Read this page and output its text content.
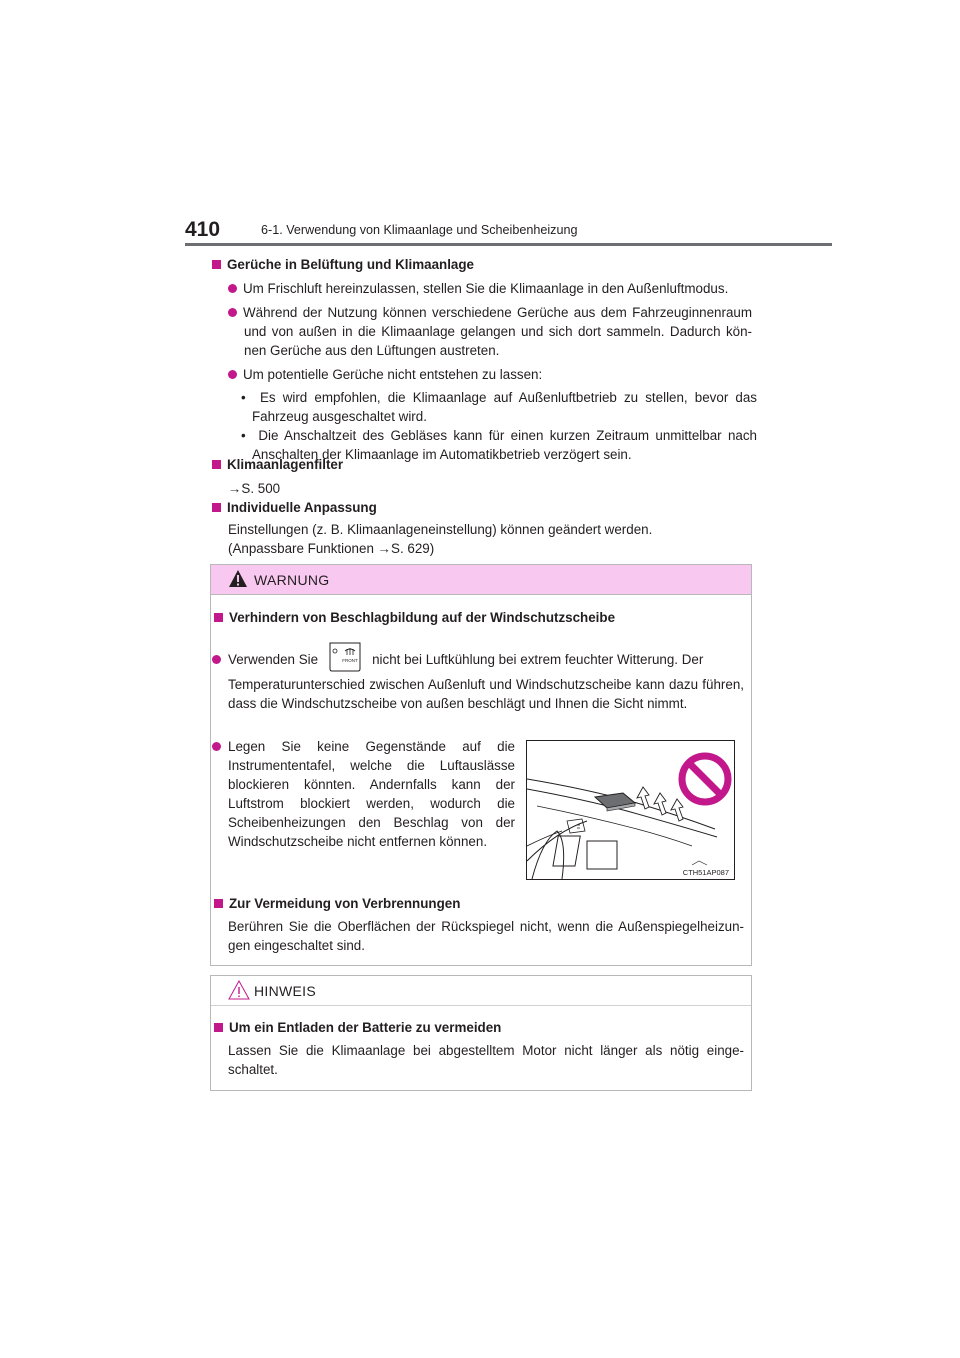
410	6-1. Verwendung von Klimaanlage und Scheibenheizung
Gerüche in Belüftung und Klimaanlage
Um Frischluft hereinzulassen, stellen Sie die Klimaanlage in den Außenluftmodus.
Während der Nutzung können verschiedene Gerüche aus dem Fahrzeuginnenraum und von außen in die Klimaanlage gelangen und sich dort sammeln. Dadurch kön-nen Gerüche aus den Lüftungen austreten.
Um potentielle Gerüche nicht entstehen zu lassen:
•  Es wird empfohlen, die Klimaanlage auf Außenluftbetrieb zu stellen, bevor das Fahrzeug ausgeschaltet wird.
•  Die Anschaltzeit des Gebläses kann für einen kurzen Zeitraum unmittelbar nach Anschalten der Klimaanlage im Automatikbetrieb verzögert sein.
Klimaanlagenfilter
→S. 500
Individuelle Anpassung
Einstellungen (z. B. Klimaanlageneinstellung) können geändert werden.
(Anpassbare Funktionen →S. 629)
WARNUNG
Verhindern von Beschlagbildung auf der Windschutzscheibe
Verwenden Sie	FRONT nicht bei Luftkühlung bei extrem feuchter Witterung. Der
Temperaturunterschied zwischen Außenluft und Windschutzscheibe kann dazu führen, dass die Windschutzscheibe von außen beschlägt und Ihnen die Sicht nimmt.
Legen Sie keine Gegenstände auf die Instrumententafel, welche die Luftauslässe blockieren könnten. Andernfalls kann der Luftstrom blockiert werden, wodurch die Scheibenheizungen den Beschlag von der Windschutzscheibe nicht entfernen können.
CTH51AP087
Zur Vermeidung von Verbrennungen
Berühren Sie die Oberflächen der Rückspiegel nicht, wenn die Außenspiegelheizun-gen eingeschaltet sind.
HINWEIS
Um ein Entladen der Batterie zu vermeiden
Lassen Sie die Klimaanlage bei abgestelltem Motor nicht länger als nötig einge-schaltet.
